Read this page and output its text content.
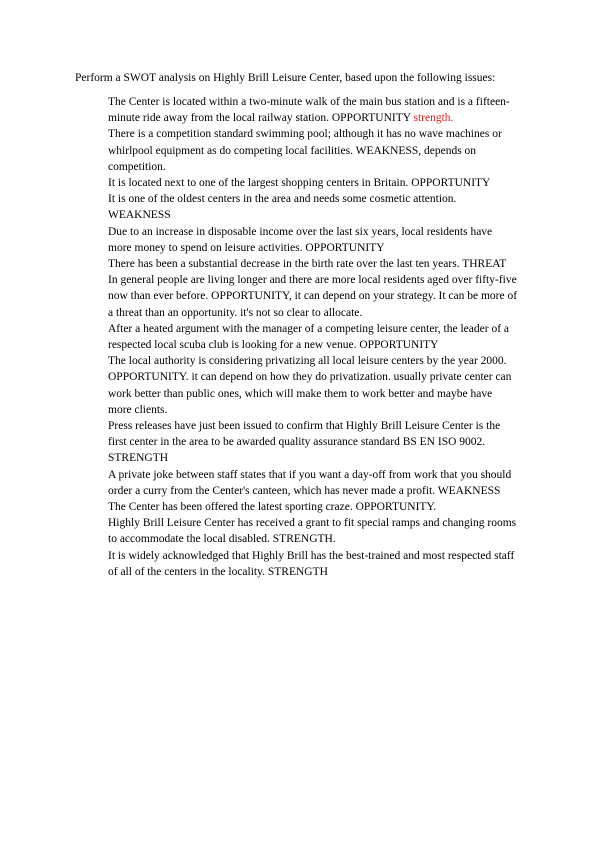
Perform a SWOT analysis on Highly Brill Leisure Center, based upon the following issues:

The Center is located within a two-minute walk of the main bus station and is a fifteen-minute ride away from the local railway station. OPPORTUNITY strength.

There is a competition standard swimming pool; although it has no wave machines or whirlpool equipment as do competing local facilities. WEAKNESS, depends on competition.

It is located next to one of the largest shopping centers in Britain. OPPORTUNITY

It is one of the oldest centers in the area and needs some cosmetic attention. WEAKNESS

Due to an increase in disposable income over the last six years, local residents have more money to spend on leisure activities. OPPORTUNITY

There has been a substantial decrease in the birth rate over the last ten years. THREAT

In general people are living longer and there are more local residents aged over fifty-five now than ever before. OPPORTUNITY, it can depend on your strategy. It can be more of a threat than an opportunity. it's not so clear to allocate.

After a heated argument with the manager of a competing leisure center, the leader of a respected local scuba club is looking for a new venue. OPPORTUNITY

The local authority is considering privatizing all local leisure centers by the year 2000. OPPORTUNITY. it can depend on how they do privatization. usually private center can work better than public ones, which will make them to work better and maybe have more clients.

Press releases have just been issued to confirm that Highly Brill Leisure Center is the first center in the area to be awarded quality assurance standard BS EN ISO 9002. STRENGTH

A private joke between staff states that if you want a day-off from work that you should order a curry from the Center's canteen, which has never made a profit. WEAKNESS

The Center has been offered the latest sporting craze. OPPORTUNITY.

Highly Brill Leisure Center has received a grant to fit special ramps and changing rooms to accommodate the local disabled. STRENGTH.

It is widely acknowledged that Highly Brill has the best-trained and most respected staff of all of the centers in the locality. STRENGTH
